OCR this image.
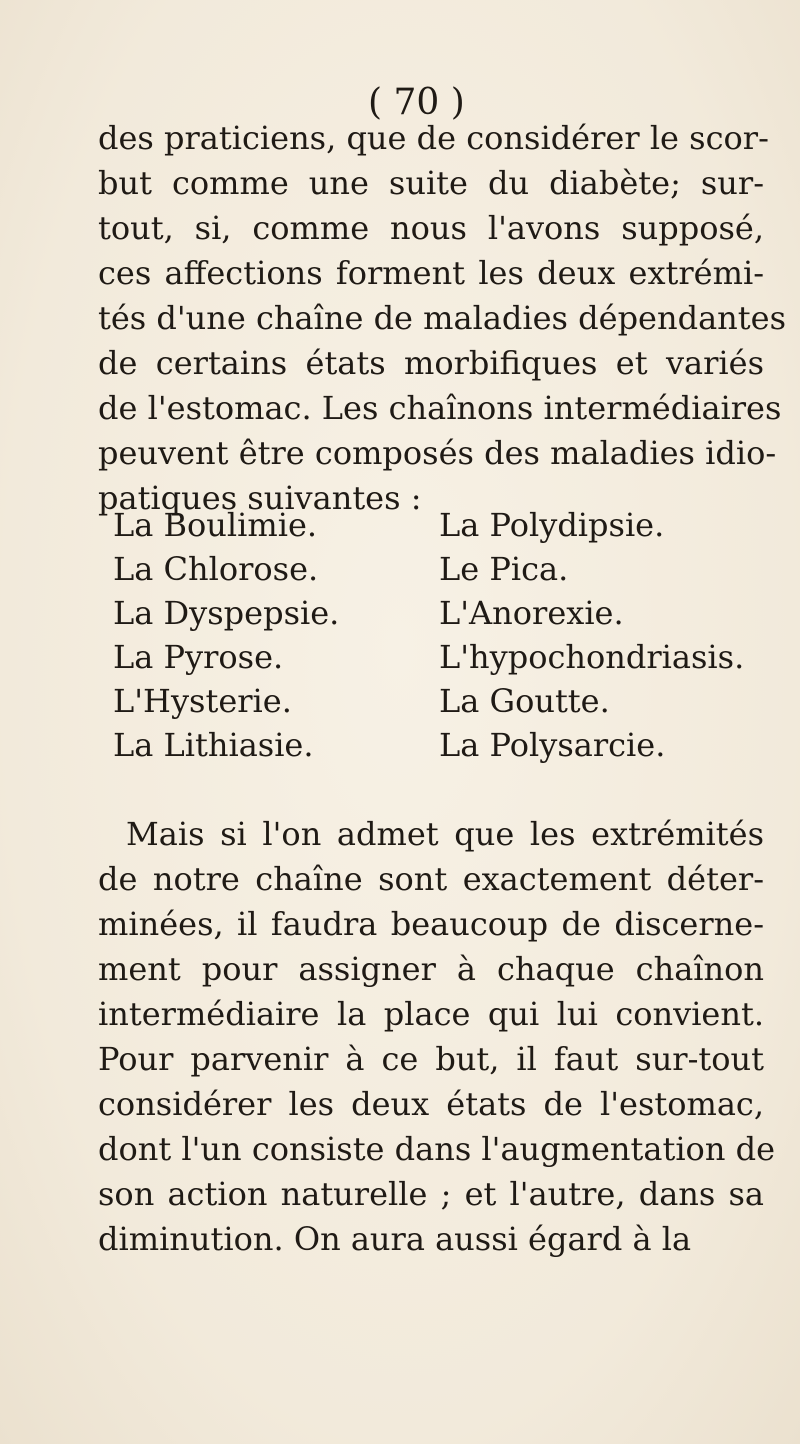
( 70 )

des praticiens, que de considérer le scor-
but comme une suite du diabète; sur-
tout, si, comme nous l'avons supposé,
ces affections forment les deux extrémi-
tés d'une chaîne de maladies dépendantes
de certains états morbifiques et variés
de l'estomac. Les chaînons intermédiaires
peuvent être composés des maladies idio-
patiques suivantes :

La Boulimie.
La Chlorose.
La Dyspepsie.
La Pyrose.
L'Hysterie.
La Lithiasie.
La Polydipsie.
Le Pica.
L'Anorexie.
L'hypochondriasis.
La Goutte.
La Polysarcie.

Mais si l'on admet que les extrémités
de notre chaîne sont exactement déter-
minées, il faudra beaucoup de discerne-
ment pour assigner à chaque chaînon
intermédiaire la place qui lui convient.
Pour parvenir à ce but, il faut sur-tout
considérer les deux états de l'estomac,
dont l'un consiste dans l'augmentation de
son action naturelle ; et l'autre, dans sa
diminution. On aura aussi égard à la
